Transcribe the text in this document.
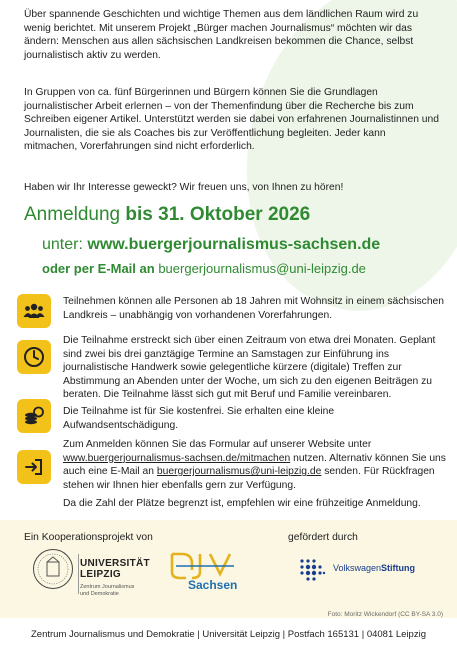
Über spannende Geschichten und wichtige Themen aus dem ländlichen Raum wird zu wenig berichtet. Mit unserem Projekt „Bürger machen Journalismus“ möchten wir das ändern: Menschen aus allen sächsischen Landkreisen bekommen die Chance, selbst journalistisch aktiv zu werden.

In Gruppen von ca. fünf Bürgerinnen und Bürgern können Sie die Grundlagen journalistischer Arbeit erlernen – von der Themenfindung über die Recherche bis zum Schreiben eigener Artikel. Unterstützt werden sie dabei von erfahrenen Journalistinnen und Journalisten, die sie als Coaches bis zur Veröffentlichung begleiten. Jeder kann mitmachen, Vorerfahrungen sind nicht erforderlich.

Haben wir Ihr Interesse geweckt? Wir freuen uns, von Ihnen zu hören!

Anmeldung bis 31. Oktober 2026
unter: www.buergerjournalismus-sachsen.de
oder per E-Mail an buergerjournalismus@uni-leipzig.de

Teilnehmen können alle Personen ab 18 Jahren mit Wohnsitz in einem sächsischen Landkreis – unabhängig von vorhandenen Vorerfahrungen.

Die Teilnahme erstreckt sich über einen Zeitraum von etwa drei Monaten. Geplant sind zwei bis drei ganztägige Termine an Samstagen zur Einführung ins journalistische Handwerk sowie gelegentliche kürzere (digitale) Treffen zur Abstimmung an Abenden unter der Woche, um sich zu den eigenen Beiträgen zu beraten. Die Teilnahme lässt sich gut mit Beruf und Familie vereinbaren.

Die Teilnahme ist für Sie kostenfrei. Sie erhalten eine kleine Aufwandsentschädigung.

Zum Anmelden können Sie das Formular auf unserer Website unter www.buergerjournalismus-sachsen.de/mitmachen nutzen. Alternativ können Sie uns auch eine E-Mail an buergerjournalismus@uni-leipzig.de senden. Für Rückfragen stehen wir Ihnen hier ebenfalls gern zur Verfügung.

Da die Zahl der Plätze begrenzt ist, empfehlen wir eine frühzeitige Anmeldung.

Ein Kooperationsprojekt von	gefördert durch
UNIVERSITÄT
LEIPZIG
Zentrum Journalismus
und Demokratie
Sachsen
VolkswagenStiftung
Foto: Moritz Wickendorf (CC BY-SA 3.0)
Zentrum Journalismus und Demokratie | Universität Leipzig | Postfach 165131 | 04081 Leipzig
